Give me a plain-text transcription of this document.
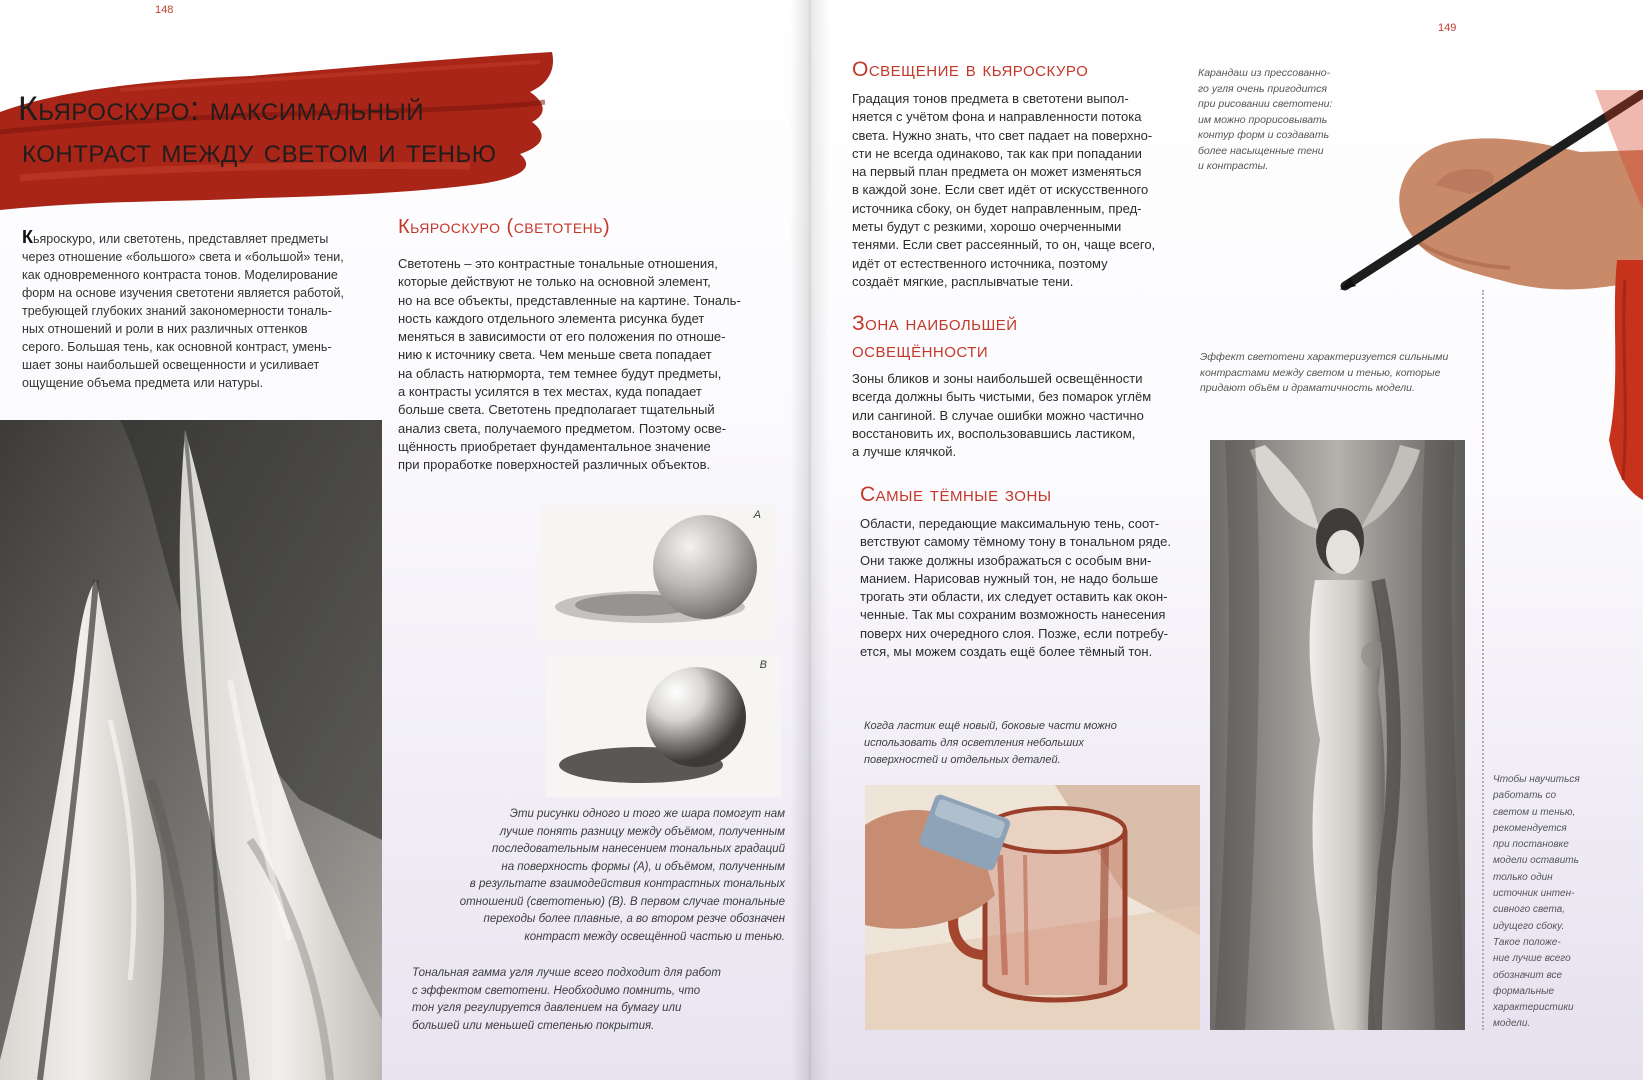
148
Кьяроскуро: максимальный
контраст между светом и тенью

Кьяроскуро, или светотень, представляет предметы
через отношение «большого» света и «большой» тени,
как одновременного контраста тонов. Моделирование
форм на основе изучения светотени является работой,
требующей глубоких знаний закономерности тональ-
ных отношений и роли в них различных оттенков
серого. Большая тень, как основной контраст, умень-
шает зоны наибольшей освещенности и усиливает
ощущение объема предмета или натуры.

Кьяроскуро (светотень)

Светотень – это контрастные тональные отношения,
которые действуют не только на основной элемент,
но на все объекты, представленные на картине. Тональ-
ность каждого отдельного элемента рисунка будет
меняться в зависимости от его положения по отноше-
нию к источнику света. Чем меньше света попадает
на область натюрморта, тем темнее будут предметы,
а контрасты усилятся в тех местах, куда попадает
больше света. Светотень предполагает тщательный
анализ света, получаемого предметом. Поэтому осве-
щённость приобретает фундаментальное значение
при проработке поверхностей различных объектов.

A
B

Эти рисунки одного и того же шара помогут нам
лучше понять разницу между объёмом, полученным
последовательным нанесением тональных градаций
на поверхность формы (А), и объёмом, полученным
в результате взаимодействия контрастных тональных
отношений (светотенью) (В). В первом случае тональные
переходы более плавные, а во втором резче обозначен
контраст между освещённой частью и тенью.

Тональная гамма угля лучше всего подходит для работ
с эффектом светотени. Необходимо помнить, что
тон угля регулируется давлением на бумагу или
большей или меньшей степенью покрытия.

149
Освещение в кьяроскуро

Градация тонов предмета в светотени выпол-
няется с учётом фона и направленности потока
света. Нужно знать, что свет падает на поверхно-
сти не всегда одинаково, так как при попадании
на первый план предмета он может изменяться
в каждой зоне. Если свет идёт от искусственного
источника сбоку, он будет направленным, пред-
меты будут с резкими, хорошо очерченными
тенями. Если свет рассеянный, то он, чаще всего,
идёт от естественного источника, поэтому
создаёт мягкие, расплывчатые тени.

Карандаш из прессованно-
го угля очень пригодится
при рисовании светотени:
им можно прорисовывать
контур форм и создавать
более насыщенные тени
и контрасты.

Зона наибольшей
освещённости

Зоны бликов и зоны наибольшей освещённости
всегда должны быть чистыми, без помарок углём
или сангиной. В случае ошибки можно частично
восстановить их, воспользовавшись ластиком,
а лучше клячкой.

Самые тёмные зоны

Области, передающие максимальную тень, соот-
ветствуют самому тёмному тону в тональном ряде.
Они также должны изображаться с особым вни-
манием. Нарисовав нужный тон, не надо больше
трогать эти области, их следует оставить как окон-
ченные. Так мы сохраним возможность нанесения
поверх них очередного слоя. Позже, если потребу-
ется, мы можем создать ещё более тёмный тон.

Эффект светотени характеризуется сильными
контрастами между светом и тенью, которые
придают объём и драматичность модели.

Когда ластик ещё новый, боковые части можно
использовать для осветления небольших
поверхностей и отдельных деталей.

Чтобы научиться
работать со
светом и тенью,
рекомендуется
при постановке
модели оставить
только один
источник интен-
сивного света,
идущего сбоку.
Такое положе-
ние лучше всего
обозначит все
формальные
характеристики
модели.
